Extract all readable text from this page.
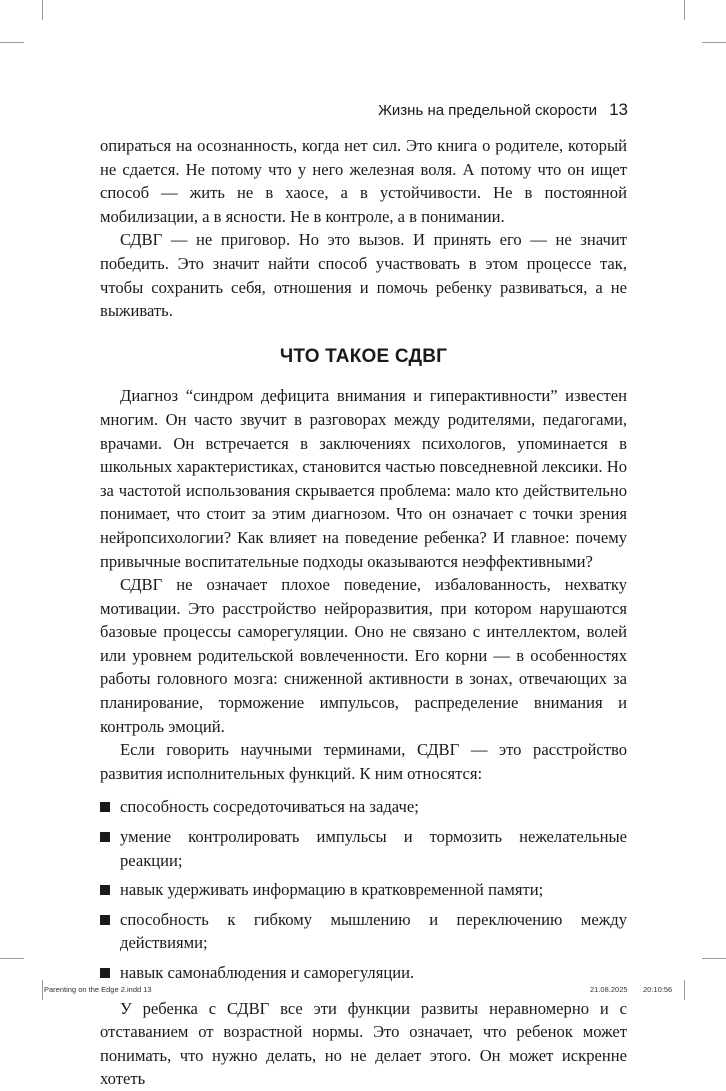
Жизнь на предельной скорости 13

опираться на осознанность, когда нет сил. Это книга о родителе, который не сдается. Не потому что у него железная воля. А потому что он ищет способ — жить не в хаосе, а в устойчивости. Не в постоянной мобилизации, а в ясности. Не в контроле, а в понимании.

СДВГ — не приговор. Но это вызов. И принять его — не значит победить. Это значит найти способ участвовать в этом процессе так, чтобы сохранить себя, отношения и помочь ребенку развиваться, а не выживать.

ЧТО ТАКОЕ СДВГ

Диагноз “синдром дефицита внимания и гиперактивности” известен многим. Он часто звучит в разговорах между родителями, педагогами, врачами. Он встречается в заключениях психологов, упоминается в школьных характеристиках, становится частью повседневной лексики. Но за частотой использования скрывается проблема: мало кто действительно понимает, что стоит за этим диагнозом. Что он означает с точки зрения нейропсихологии? Как влияет на поведение ребенка? И главное: почему привычные воспитательные подходы оказываются неэффективными?

СДВГ не означает плохое поведение, избалованность, нехватку мотивации. Это расстройство нейроразвития, при котором нарушаются базовые процессы саморегуляции. Оно не связано с интеллектом, волей или уровнем родительской вовлеченности. Его корни — в особенностях работы головного мозга: сниженной активности в зонах, отвечающих за планирование, торможение импульсов, распределение внимания и контроль эмоций.

Если говорить научными терминами, СДВГ — это расстройство развития исполнительных функций. К ним относятся:

способность сосредоточиваться на задаче;
умение контролировать импульсы и тормозить нежелательные реакции;
навык удерживать информацию в кратковременной памяти;
способность к гибкому мышлению и переключению между действиями;
навык самонаблюдения и саморегуляции.

У ребенка с СДВГ все эти функции развиты неравномерно и с отставанием от возрастной нормы. Это означает, что ребенок может понимать, что нужно делать, но не делает этого. Он может искренне хотеть

Parenting on the Edge 2.indd 13	21.08.2025 20:10:56
